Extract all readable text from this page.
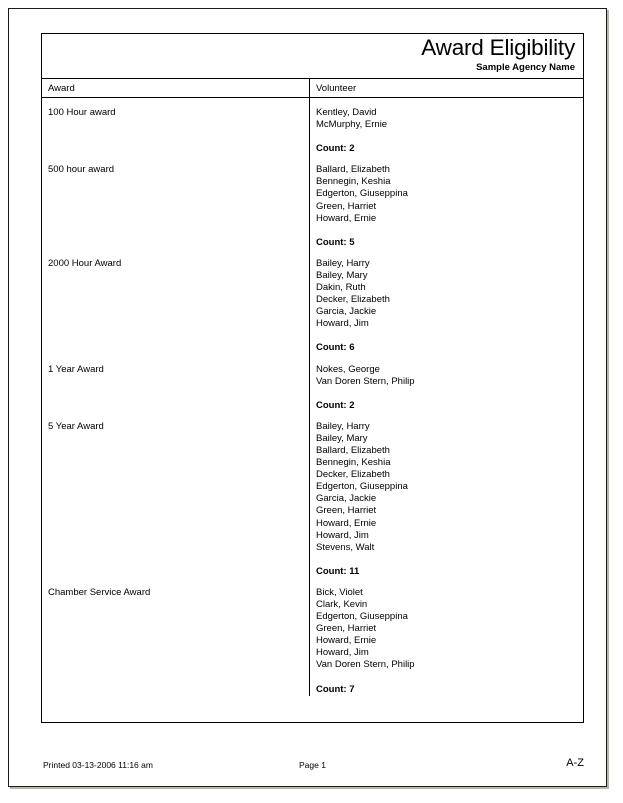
Award Eligibility
Sample Agency Name
Award	Volunteer
100 Hour award	Kentley, David
McMurphy, Ernie
Count: 2
500 hour award	Ballard, Elizabeth
Bennegin, Keshia
Edgerton, Giuseppina
Green, Harriet
Howard, Ernie
Count: 5
2000 Hour Award	Bailey, Harry
Bailey, Mary
Dakin, Ruth
Decker, Elizabeth
Garcia, Jackie
Howard, Jim
Count: 6
1 Year Award	Nokes, George
Van Doren Stern, Philip
Count: 2
5 Year Award	Bailey, Harry
Bailey, Mary
Ballard, Elizabeth
Bennegin, Keshia
Decker, Elizabeth
Edgerton, Giuseppina
Garcia, Jackie
Green, Harriet
Howard, Ernie
Howard, Jim
Stevens, Walt
Count: 11
Chamber Service Award	Bick, Violet
Clark, Kevin
Edgerton, Giuseppina
Green, Harriet
Howard, Ernie
Howard, Jim
Van Doren Stern, Philip
Count: 7
Printed 03-13-2006 11:16 am	Page 1	A-Z
